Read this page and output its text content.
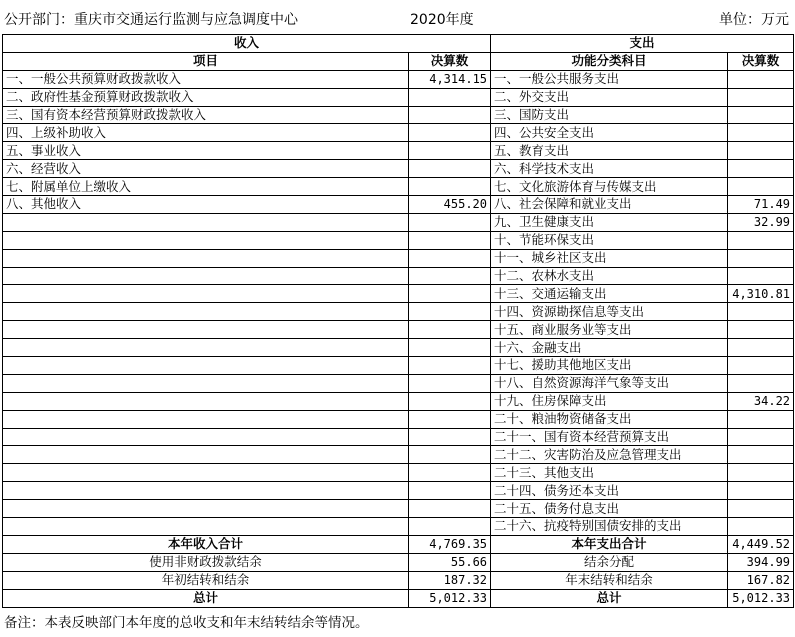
公开部门：重庆市交通运行监测与应急调度中心	2020年度	单位：万元
收入		支出	
项目	决算数	功能分类科目	决算数
一、一般公共预算财政拨款收入	4,314.15	一、一般公共服务支出	
二、政府性基金预算财政拨款收入		二、外交支出	
三、国有资本经营预算财政拨款收入		三、国防支出	
四、上级补助收入		四、公共安全支出	
五、事业收入		五、教育支出	
六、经营收入		六、科学技术支出	
七、附属单位上缴收入		七、文化旅游体育与传媒支出	
八、其他收入	455.20	八、社会保障和就业支出	71.49
		九、卫生健康支出	32.99
		十、节能环保支出	
		十一、城乡社区支出	
		十二、农林水支出	
		十三、交通运输支出	4,310.81
		十四、资源勘探信息等支出	
		十五、商业服务业等支出	
		十六、金融支出	
		十七、援助其他地区支出	
		十八、自然资源海洋气象等支出	
		十九、住房保障支出	34.22
		二十、粮油物资储备支出	
		二十一、国有资本经营预算支出	
		二十二、灾害防治及应急管理支出	
		二十三、其他支出	
		二十四、债务还本支出	
		二十五、债务付息支出	
		二十六、抗疫特别国债安排的支出	
本年收入合计	4,769.35	本年支出合计	4,449.52
使用非财政拨款结余	55.66	结余分配	394.99
年初结转和结余	187.32	年末结转和结余	167.82
总计	5,012.33	总计	5,012.33
备注：本表反映部门本年度的总收支和年末结转结余等情况。
